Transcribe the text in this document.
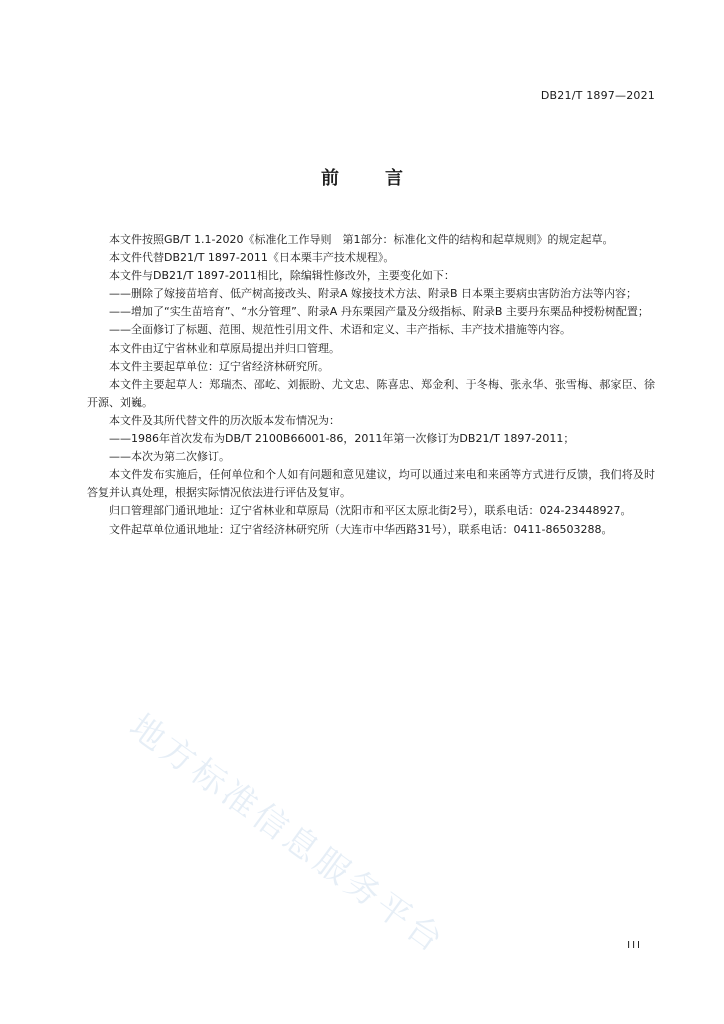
DB21/T 1897—2021
前　言

本文件按照GB/T 1.1-2020《标准化工作导则　第1部分：标准化文件的结构和起草规则》的规定起草。

本文件代替DB21/T 1897-2011《日本栗丰产技术规程》。

本文件与DB21/T 1897-2011相比，除编辑性修改外，主要变化如下：

——删除了嫁接苗培育、低产树高接改头、附录A 嫁接技术方法、附录B 日本栗主要病虫害防治方法等内容；

——增加了“实生苗培育”、“水分管理”、附录A 丹东栗园产量及分级指标、附录B 主要丹东栗品种授粉树配置；

——全面修订了标题、范围、规范性引用文件、术语和定义、丰产指标、丰产技术措施等内容。

本文件由辽宁省林业和草原局提出并归口管理。

本文件主要起草单位：辽宁省经济林研究所。

本文件主要起草人：郑瑞杰、邵屹、刘振盼、尤文忠、陈喜忠、郑金利、于冬梅、张永华、张雪梅、郝家臣、徐开源、刘巍。

本文件及其所代替文件的历次版本发布情况为：

——1986年首次发布为DB/T 2100B66001-86，2011年第一次修订为DB21/T 1897-2011；

——本次为第二次修订。

本文件发布实施后，任何单位和个人如有问题和意见建议，均可以通过来电和来函等方式进行反馈，我们将及时答复并认真处理，根据实际情况依法进行评估及复审。

归口管理部门通讯地址：辽宁省林业和草原局（沈阳市和平区太原北街2号），联系电话：024-23448927。

文件起草单位通讯地址：辽宁省经济林研究所（大连市中华西路31号），联系电话：0411-86503288。

地方标准信息服务平台	III
